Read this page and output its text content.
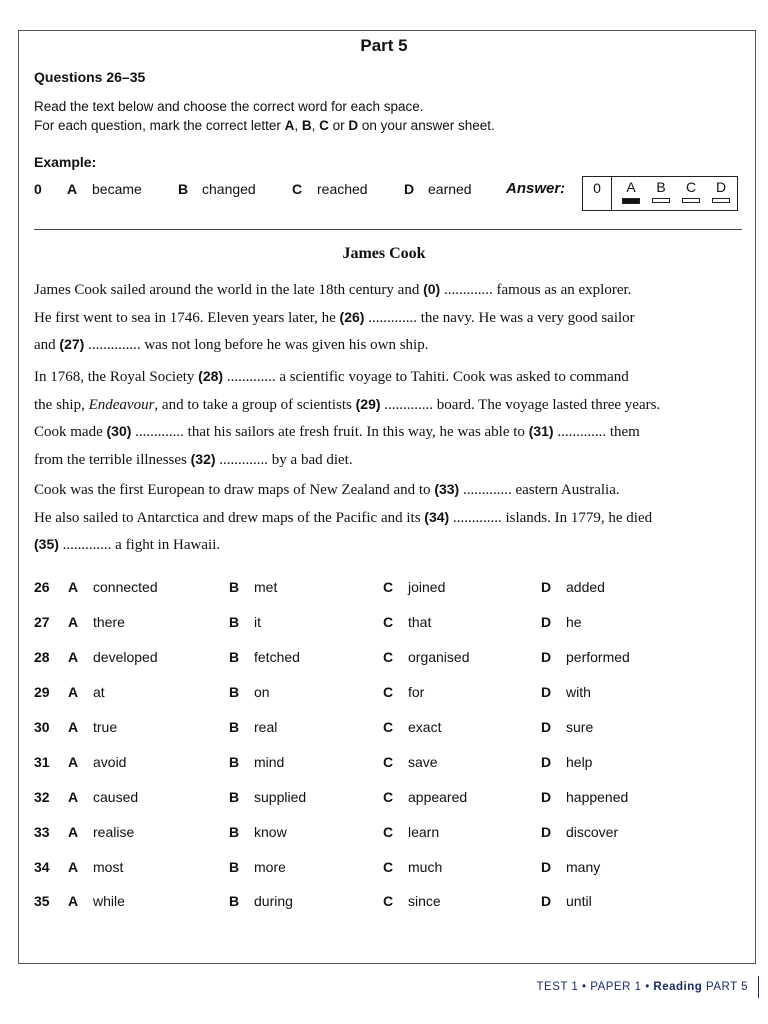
Part 5
Questions 26–35
Read the text below and choose the correct word for each space.
For each question, mark the correct letter A, B, C or D on your answer sheet.
Example:
0 A became	B changed	C reached	D earned Answer:	0	A	B	C	D
James Cook

James Cook sailed around the world in the late 18th century and (0) ............. famous as an explorer.

He first went to sea in 1746. Eleven years later, he (26) ............. the navy. He was a very good sailor

and (27) .............. was not long before he was given his own ship.

In 1768, the Royal Society (28) ............. a scientific voyage to Tahiti. Cook was asked to command

the ship, Endeavour, and to take a group of scientists (29) ............. board. The voyage lasted three years.

Cook made (30) ............. that his sailors ate fresh fruit. In this way, he was able to (31) ............. them

from the terrible illnesses (32) ............. by a bad diet.

Cook was the first European to draw maps of New Zealand and to (33) ............. eastern Australia.

He also sailed to Antarctica and drew maps of the Pacific and its (34) ............. islands. In 1779, he died

(35) ............. a fight in Hawaii.

26 A connected	B met	C joined	D added
27 A there	B it	C that	D he
28 A developed	B fetched	C organised	D performed
29 A at	B on	C for	D with
30 A true	B real	C exact	D sure
31 A avoid	B mind	C save	D help
32 A caused	B supplied	C appeared	D happened
33 A realise	B know	C learn	D discover
34 A most	B more	C much	D many
35 A while	B during	C since	D until
TEST 1 • PAPER 1 • Reading PART 5
